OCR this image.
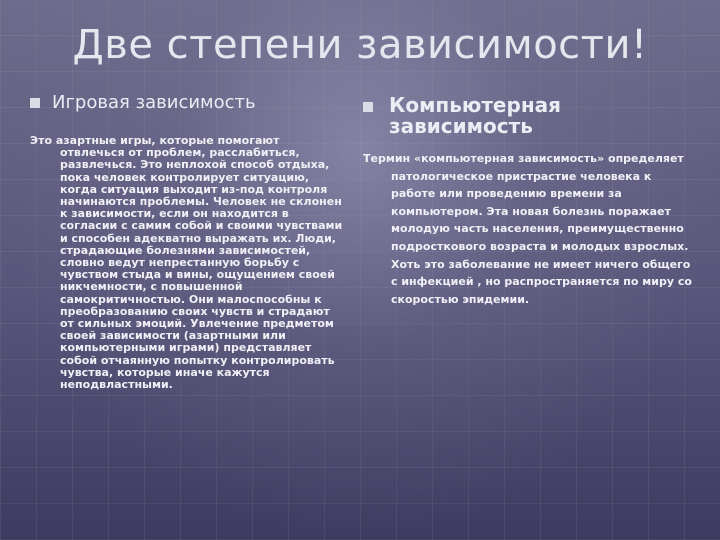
Две степени зависимости!
Игровая зависимость

Это азартные игры, которые помогают отвлечься от проблем, расслабиться, развлечься. Это неплохой способ отдыха, пока человек контролирует ситуацию, когда ситуация выходит из-под контроля начинаются проблемы. Человек не склонен к зависимости, если он находится в согласии с самим собой и своими чувствами и способен адекватно выражать их. Люди, страдающие болезнями зависимостей, словно ведут непрестанную борьбу с чувством стыда и вины, ощущением своей никчемности, с повышенной самокритичностью. Они малоспособны к преобразованию своих чувств и страдают от сильных эмоций. Увлечение предметом своей зависимости (азартными или компьютерными играми) представляет собой отчаянную попытку контролировать чувства, которые иначе кажутся неподвластными.

Компьютерная зависимость

Термин «компьютерная зависимость» определяет патологическое пристрастие человека к работе или проведению времени за компьютером. Эта новая болезнь поражает молодую часть населения, преимущественно подросткового возраста и молодых взрослых. Хоть это заболевание не имеет ничего общего с инфекцией , но распространяется по миру со скоростью эпидемии.
